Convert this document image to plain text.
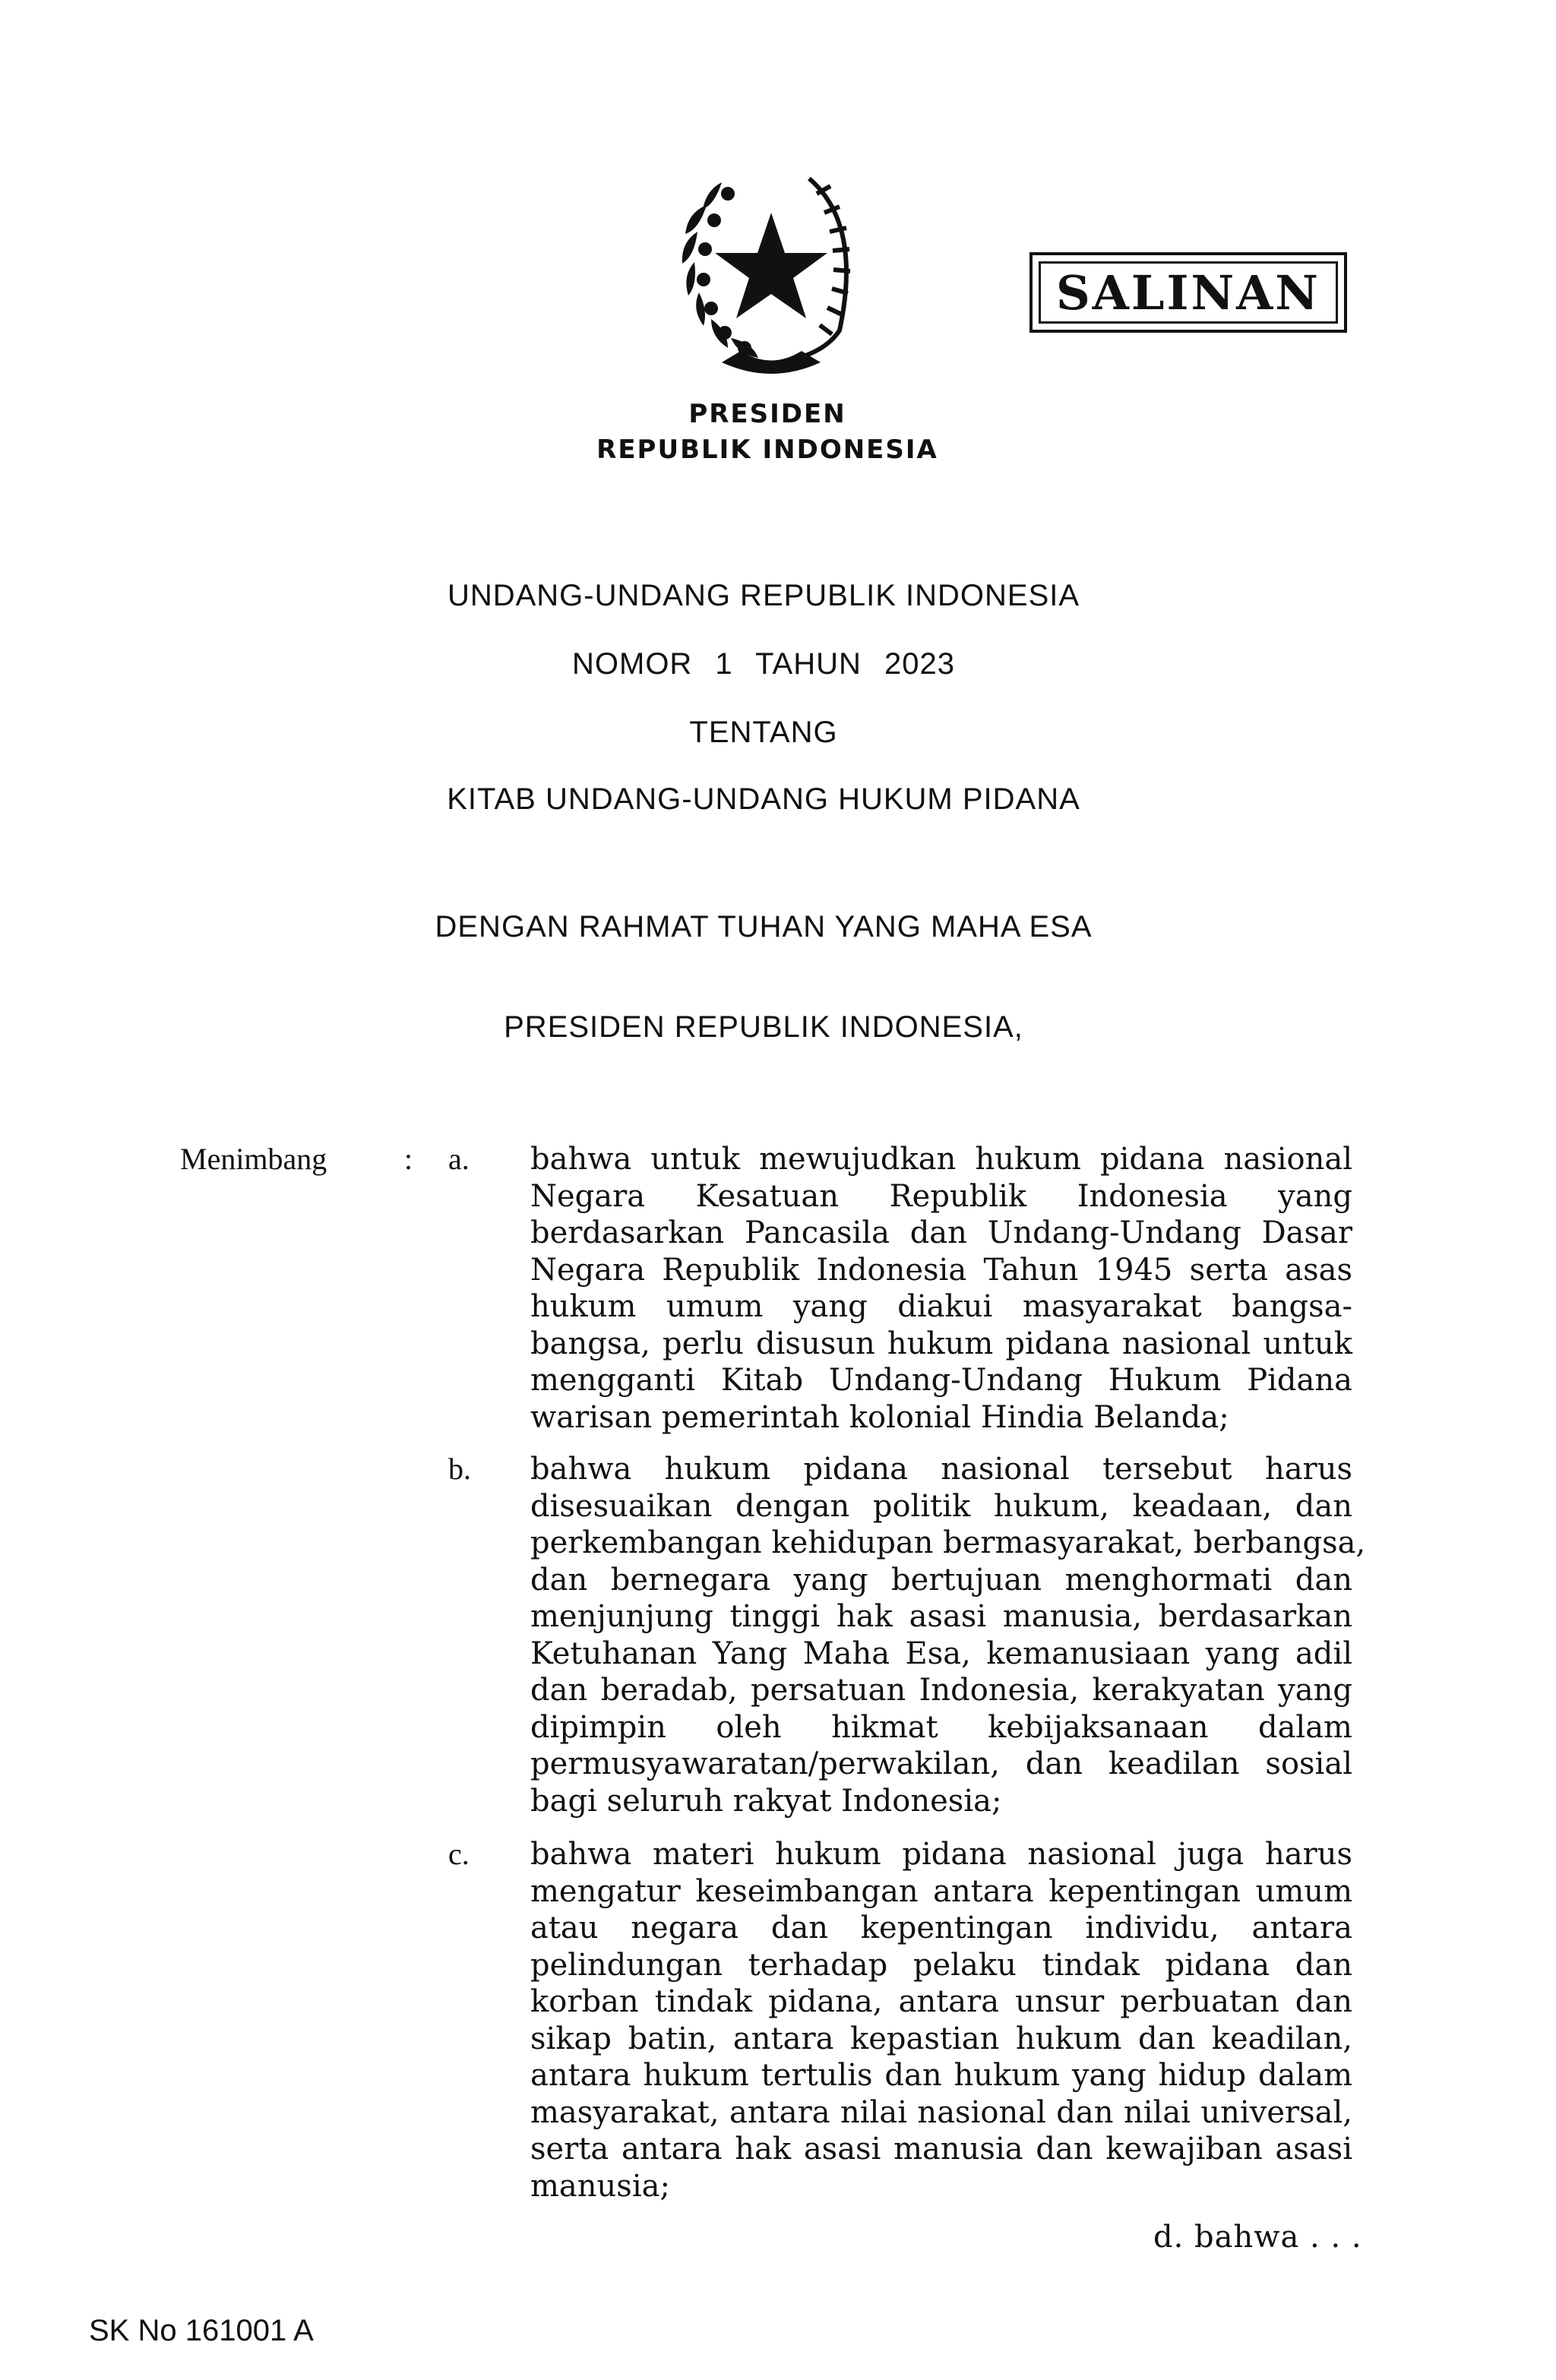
SALINAN
PRESIDEN
REPUBLIK INDONESIA
UNDANG-UNDANG REPUBLIK INDONESIA
NOMOR 1 TAHUN 2023
TENTANG
KITAB UNDANG-UNDANG HUKUM PIDANA
DENGAN RAHMAT TUHAN YANG MAHA ESA
PRESIDEN REPUBLIK INDONESIA,
Menimbang	: a. bahwa untuk mewujudkan hukum pidana nasional
Negara Kesatuan Republik Indonesia yang
berdasarkan Pancasila dan Undang-Undang Dasar
Negara Republik Indonesia Tahun 1945 serta asas
hukum umum yang diakui masyarakat bangsa-
bangsa, perlu disusun hukum pidana nasional untuk
mengganti Kitab Undang-Undang Hukum Pidana
warisan pemerintah kolonial Hindia Belanda;
b. bahwa hukum pidana nasional tersebut harus
disesuaikan dengan politik hukum, keadaan, dan
perkembangan kehidupan bermasyarakat, berbangsa,
dan bernegara yang bertujuan menghormati dan
menjunjung tinggi hak asasi manusia, berdasarkan
Ketuhanan Yang Maha Esa, kemanusiaan yang adil
dan beradab, persatuan Indonesia, kerakyatan yang
dipimpin oleh hikmat kebijaksanaan dalam
permusyawaratan/perwakilan, dan keadilan sosial
bagi seluruh rakyat Indonesia;
c. bahwa materi hukum pidana nasional juga harus
mengatur keseimbangan antara kepentingan umum
atau negara dan kepentingan individu, antara
pelindungan terhadap pelaku tindak pidana dan
korban tindak pidana, antara unsur perbuatan dan
sikap batin, antara kepastian hukum dan keadilan,
antara hukum tertulis dan hukum yang hidup dalam
masyarakat, antara nilai nasional dan nilai universal,
serta antara hak asasi manusia dan kewajiban asasi
manusia;
d. bahwa . . .
SK No 161001 A
